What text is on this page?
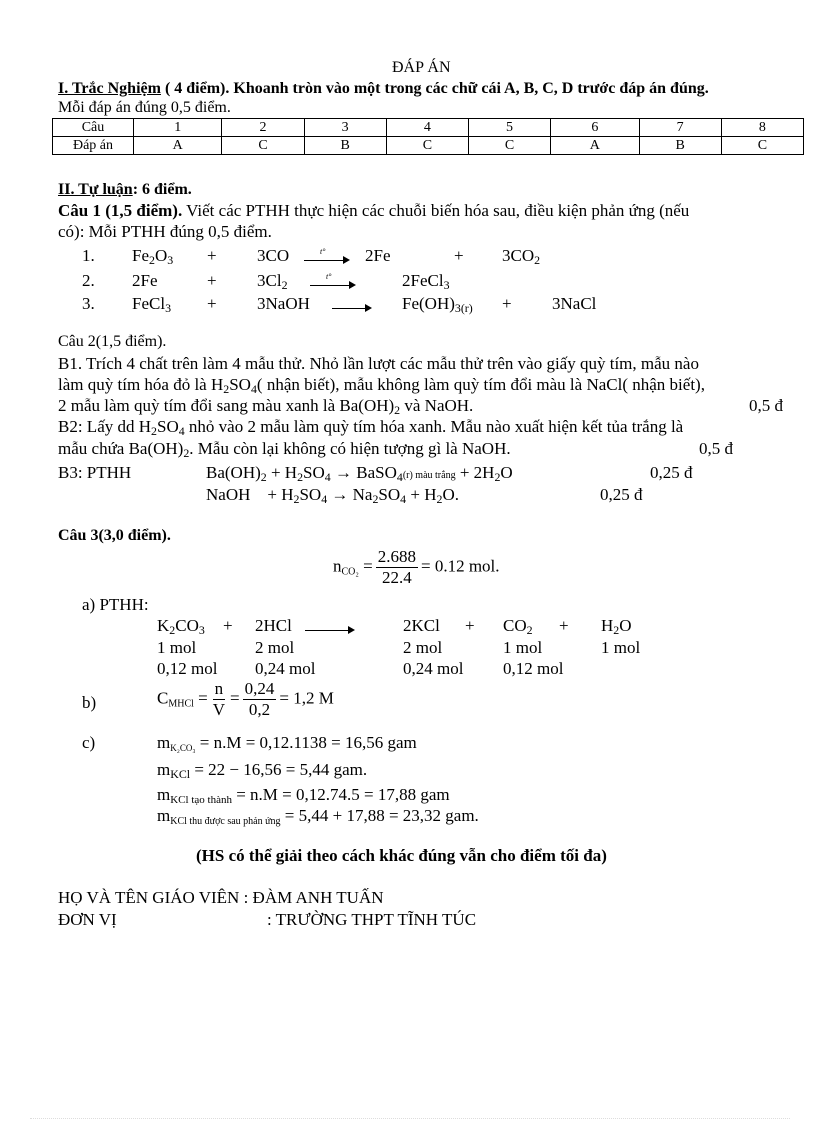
ĐÁP ÁN
I. Trắc Nghiệm ( 4 điểm). Khoanh tròn vào một trong các chữ cái A, B, C, D trước đáp án đúng.
Mỗi đáp án đúng 0,5 điểm.
Câu	1	2	3	4	5	6	7	8
Đáp án	A	C	B	C	C	A	B	C
II. Tự luận: 6 điểm.
Câu 1 (1,5 điểm). Viết các PTHH thực hiện các chuỗi biến hóa sau, điều kiện phản ứng (nếu
có): Mỗi PTHH đúng 0,5 điểm.
1. $Fe_2O_3 + 3CO$	t° 2Fe	+ $3CO_2$
2. 2Fe	+ $3Cl_2$
t°	2FeCl$_3$
3. FeCl$_3$ + 3NaOH	$Fe(OH)_{3(r)}$ + 3NaCl
Câu 2(1,5 điểm).
B1. Trích 4 chất trên làm 4 mẫu thử. Nhỏ lần lượt các mẫu thử trên vào giấy quỳ tím, mẫu nào
làm quỳ tím hóa đỏ là $H_2SO_4$( nhận biết), mẫu không làm quỳ tím đổi màu là NaCl( nhận biết),
2 mẫu làm quỳ tím đổi sang màu xanh là $Ba(OH)_2$ và NaOH.	0,5 đ
B2: Lấy dd $H_2SO_4$ nhỏ vào 2 mẫu làm quỳ tím hóa xanh. Mẫu nào xuất hiện kết tủa trắng là
mẫu chứa $Ba(OH)_2$. Mẫu còn lại không có hiện tượng gì là NaOH.	0,5 đ
B3: PTHH	$Ba(OH)_2 + H_2SO_4$ → BaSO$_4$(r) màu trắng + $2H_2O$	0,25 đ
NaOH    + $H_2SO_4 \to Na_2SO_4 + H_2O$.	0,25 đ
Câu 3(3,0 điểm).
$n_{CO_2} = \frac{2.688}{22.4} = 0.12$ mol.
a) PTHH:
$K_2CO_3 + 2HCl$	$2KCl + CO_2 + H_2O$
1 mol	2 mol	2 mol	1 mol	1 mol
0,12 mol 0,24 mol	0,24 mol 0,12 mol
b)	$C_{MHCl} = \frac{n}{V} = \frac{0,24}{0,2} = 1,2$ M
c)	$m_{K_2CO_3} = n.M = 0,12.1138 = 16,56$ gam
$m_{KCl} = 22 - 16,56 = 5,44$ gam.
$m_{KCl tạo thành} = n.M = 0,12.74.5 = 17,88$ gam
$m_{KCl thu được sau phản ứng} = 5,44 + 17,88 = 23,32$ gam.
(HS có thể giải theo cách khác đúng vẫn cho điểm tối đa)
HỌ VÀ TÊN GIÁO VIÊN : ĐÀM ANH TUẤN
ĐƠN VỊ	: TRƯỜNG THPT TĨNH TÚC
